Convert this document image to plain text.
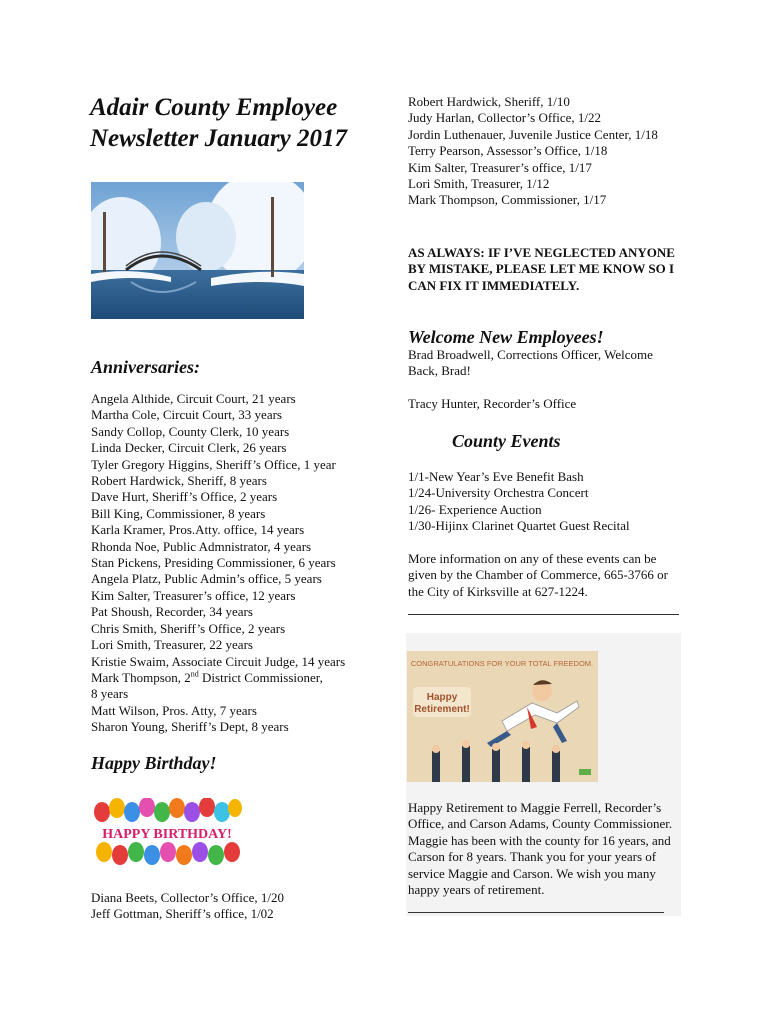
Adair County Employee Newsletter January 2017
Anniversaries:
Angela Althide, Circuit Court, 21 years
Martha Cole, Circuit Court, 33 years
Sandy Collop, County Clerk, 10 years
Linda Decker, Circuit Clerk, 26 years
Tyler Gregory Higgins, Sheriff’s Office, 1 year
Robert Hardwick, Sheriff, 8 years
Dave Hurt, Sheriff’s Office, 2 years
Bill King, Commissioner, 8 years
Karla Kramer, Pros.Atty. office, 14 years
Rhonda Noe, Public Admnistrator, 4 years
Stan Pickens, Presiding Commissioner, 6 years
Angela Platz, Public Admin’s office, 5 years
Kim Salter, Treasurer’s office, 12 years
Pat Shoush, Recorder, 34 years
Chris Smith, Sheriff’s Office, 2 years
Lori Smith, Treasurer, 22 years
Kristie Swaim, Associate Circuit Judge, 14 years
Mark Thompson, 2nd District Commissioner,
8 years
Matt Wilson, Pros. Atty, 7 years
Sharon Young, Sheriff’s Dept, 8 years
Happy Birthday!
HAPPY BIRTHDAY!
Diana Beets, Collector’s Office, 1/20
Jeff Gottman, Sheriff’s office, 1/02
Robert Hardwick, Sheriff, 1/10
Judy Harlan, Collector’s Office, 1/22
Jordin Luthenauer, Juvenile Justice Center, 1/18
Terry Pearson, Assessor’s Office, 1/18
Kim Salter, Treasurer’s office, 1/17
Lori Smith, Treasurer, 1/12
Mark Thompson, Commissioner, 1/17
AS ALWAYS: IF I’VE NEGLECTED ANYONE BY MISTAKE, PLEASE LET ME KNOW SO I CAN FIX IT IMMEDIATELY.
Welcome New Employees!
Brad Broadwell, Corrections Officer, Welcome Back, Brad!
Tracy Hunter, Recorder’s Office
County Events
1/1-New Year’s Eve Benefit Bash
1/24-University Orchestra Concert
1/26- Experience Auction
1/30-Hijinx Clarinet Quartet Guest Recital
More information on any of these events can be given by the Chamber of Commerce, 665-3766 or the City of Kirksville at 627-1224.
CONGRATULATIONS FOR YOUR TOTAL FREEDOM.
Happy
Retirement!
Happy Retirement to Maggie Ferrell, Recorder’s Office, and Carson Adams, County Commissioner. Maggie has been with the county for 16 years, and Carson for 8 years. Thank you for your years of service Maggie and Carson. We wish you many happy years of retirement.
